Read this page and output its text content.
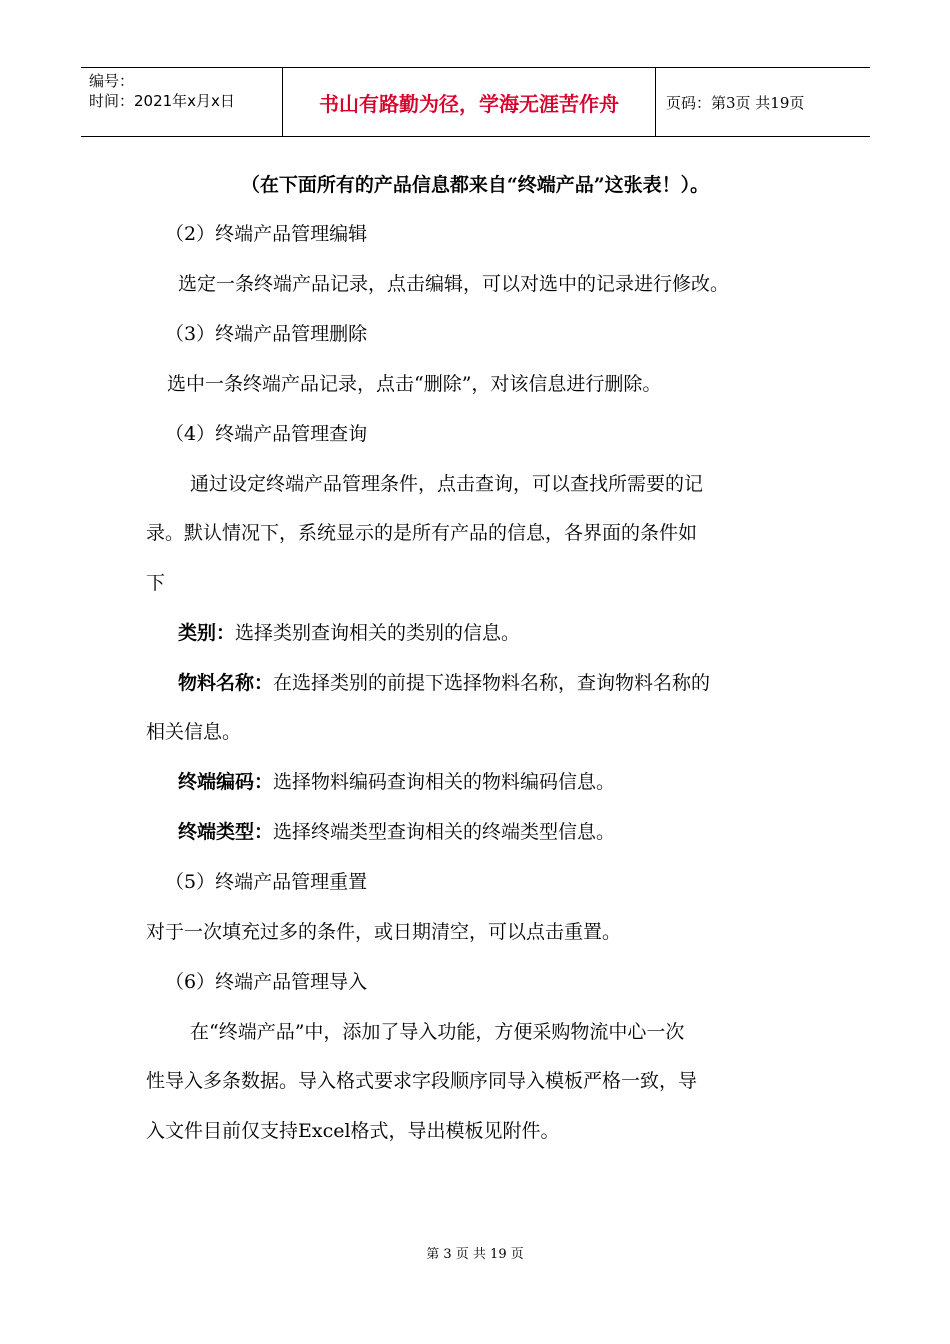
编号：
时间：2021年x月x日	书山有路勤为径，学海无涯苦作舟	页码：第3页 共19页
（在下面所有的产品信息都来自“终端产品”这张表！）。
（2）终端产品管理编辑
选定一条终端产品记录，点击编辑，可以对选中的记录进行修改。
（3）终端产品管理删除
选中一条终端产品记录，点击“删除”，对该信息进行删除。
（4）终端产品管理查询
通过设定终端产品管理条件，点击查询，可以查找所需要的记
录。默认情况下，系统显示的是所有产品的信息，各界面的条件如
下
类别：选择类别查询相关的类别的信息。
物料名称：在选择类别的前提下选择物料名称，查询物料名称的
相关信息。
终端编码：选择物料编码查询相关的物料编码信息。
终端类型：选择终端类型查询相关的终端类型信息。
（5）终端产品管理重置
对于一次填充过多的条件，或日期清空，可以点击重置。
（6）终端产品管理导入
在“终端产品”中，添加了导入功能，方便采购物流中心一次
性导入多条数据。导入格式要求字段顺序同导入模板严格一致，导
入文件目前仅支持Excel格式，导出模板见附件。
第 3 页 共 19 页
